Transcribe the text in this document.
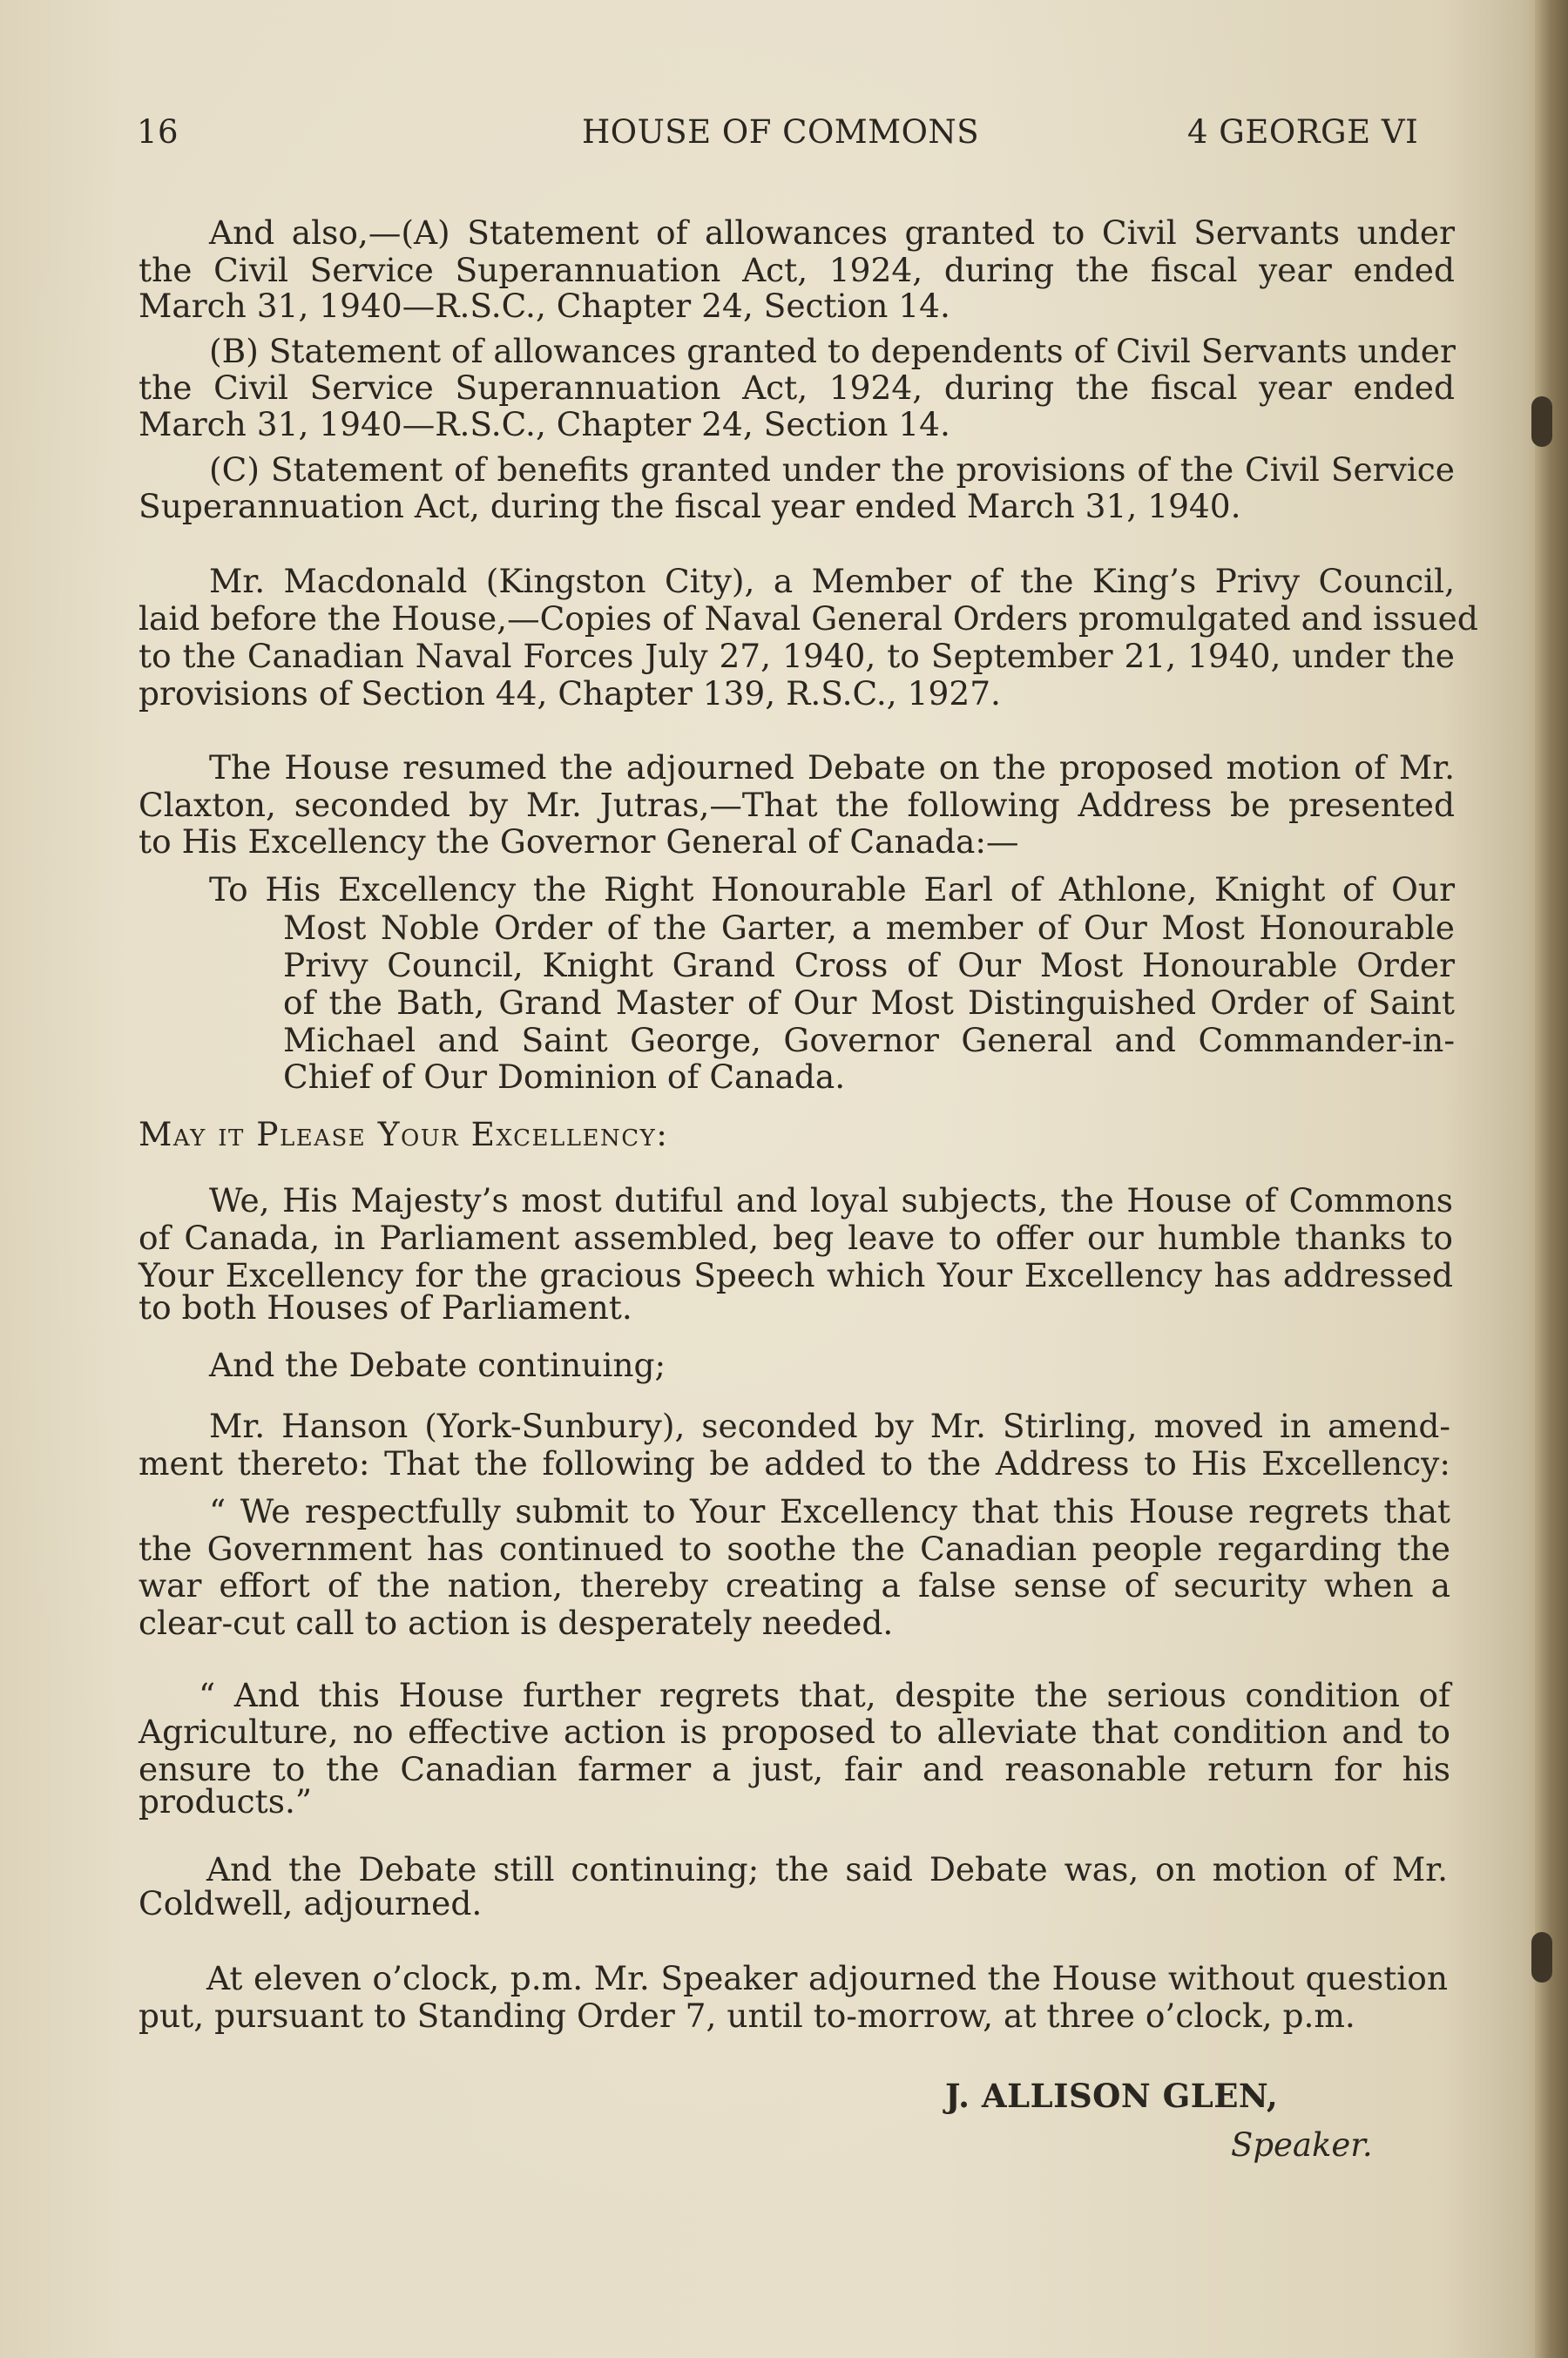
16	HOUSE OF COMMONS	4 GEORGE VI

And also,—(A) Statement of allowances granted to Civil Servants under

the Civil Service Superannuation Act, 1924, during the fiscal year ended

March 31, 1940—R.S.C., Chapter 24, Section 14.

(B) Statement of allowances granted to dependents of Civil Servants under

the Civil Service Superannuation Act, 1924, during the fiscal year ended

March 31, 1940—R.S.C., Chapter 24, Section 14.

(C) Statement of benefits granted under the provisions of the Civil Service

Superannuation Act, during the fiscal year ended March 31, 1940.

Mr. Macdonald (Kingston City), a Member of the King’s Privy Council,

laid before the House,—Copies of Naval General Orders promulgated and issued

to the Canadian Naval Forces July 27, 1940, to September 21, 1940, under the

provisions of Section 44, Chapter 139, R.S.C., 1927.

The House resumed the adjourned Debate on the proposed motion of Mr.

Claxton, seconded by Mr. Jutras,—That the following Address be presented

to His Excellency the Governor General of Canada:—

To His Excellency the Right Honourable Earl of Athlone, Knight of Our

Most Noble Order of the Garter, a member of Our Most Honourable

Privy Council, Knight Grand Cross of Our Most Honourable Order

of the Bath, Grand Master of Our Most Distinguished Order of Saint

Michael and Saint George, Governor General and Commander-in-

Chief of Our Dominion of Canada.

May it Please Your Excellency:

We, His Majesty’s most dutiful and loyal subjects, the House of Commons

of Canada, in Parliament assembled, beg leave to offer our humble thanks to

Your Excellency for the gracious Speech which Your Excellency has addressed

to both Houses of Parliament.

And the Debate continuing;

Mr. Hanson (York-Sunbury), seconded by Mr. Stirling, moved in amend-

ment thereto: That the following be added to the Address to His Excellency:

“ We respectfully submit to Your Excellency that this House regrets that

the Government has continued to soothe the Canadian people regarding the

war effort of the nation, thereby creating a false sense of security when a

clear-cut call to action is desperately needed.

“ And this House further regrets that, despite the serious condition of

Agriculture, no effective action is proposed to alleviate that condition and to

ensure to the Canadian farmer a just, fair and reasonable return for his

products.”

And the Debate still continuing; the said Debate was, on motion of Mr.

Coldwell, adjourned.

At eleven o’clock, p.m. Mr. Speaker adjourned the House without question

put, pursuant to Standing Order 7, until to-morrow, at three o’clock, p.m.

J. ALLISON GLEN,

Speaker.
